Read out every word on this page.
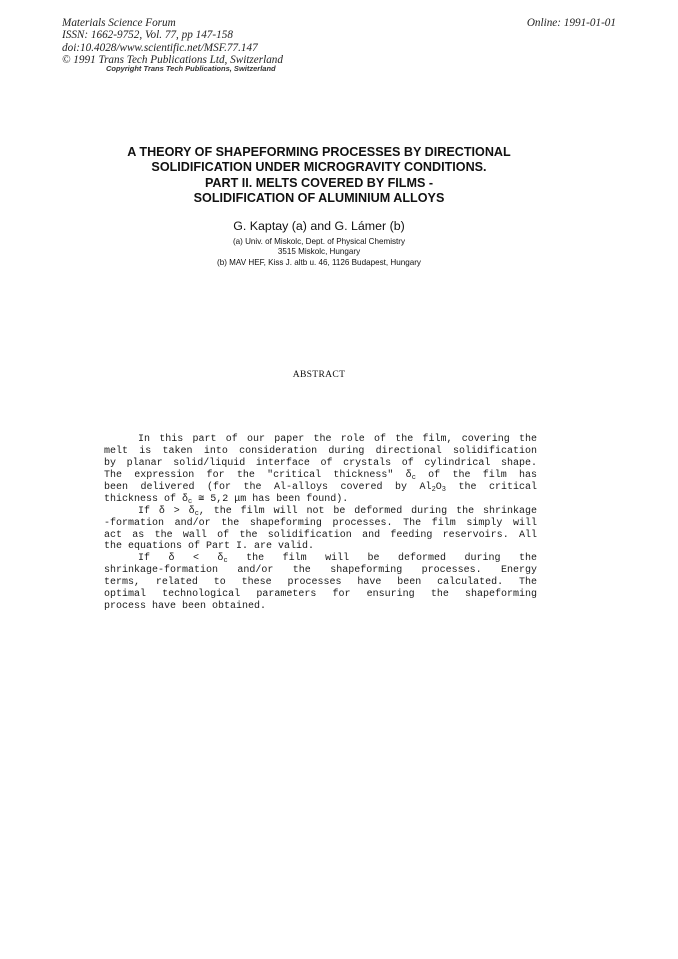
Materials Science Forum
ISSN: 1662-9752, Vol. 77, pp 147-158
doi:10.4028/www.scientific.net/MSF.77.147
© 1991 Trans Tech Publications Ltd, Switzerland
Online: 1991-01-01
Copyright Trans Tech Publications, Switzerland
A THEORY OF SHAPEFORMING PROCESSES BY DIRECTIONAL
SOLIDIFICATION UNDER MICROGRAVITY CONDITIONS.
PART II. MELTS COVERED BY FILMS -
SOLIDIFICATION OF ALUMINIUM ALLOYS
G. Kaptay (a) and G. Lámer (b)
(a) Univ. of Miskolc, Dept. of Physical Chemistry
3515 Miskolc, Hungary
(b) MAV HEF, Kiss J. altb u. 46, 1126 Budapest, Hungary
ABSTRACT
In this part of our paper the role of the film, covering the
melt is taken into consideration during directional solidification
by planar solid/liquid interface of crystals of cylindrical shape.
The expression for the "critical thickness" $\delta_c$ of the film has
been delivered (for the Al-alloys covered by $Al_2O_3$ the critical
thickness of $\delta_c$ ≅ 5,2 μm has been found).
If $\delta > \delta_c$, the film will not be deformed during the shrinkage
-formation and/or the shapeforming processes. The film simply will
act as the wall of the solidification and feeding reservoirs. All
the equations of Part I. are valid.
If $\delta < \delta_c$ the film will be deformed during the
shrinkage-formation and/or the shapeforming processes. Energy
terms, related to these processes have been calculated. The
optimal technological parameters for ensuring the shapeforming
process have been obtained.
